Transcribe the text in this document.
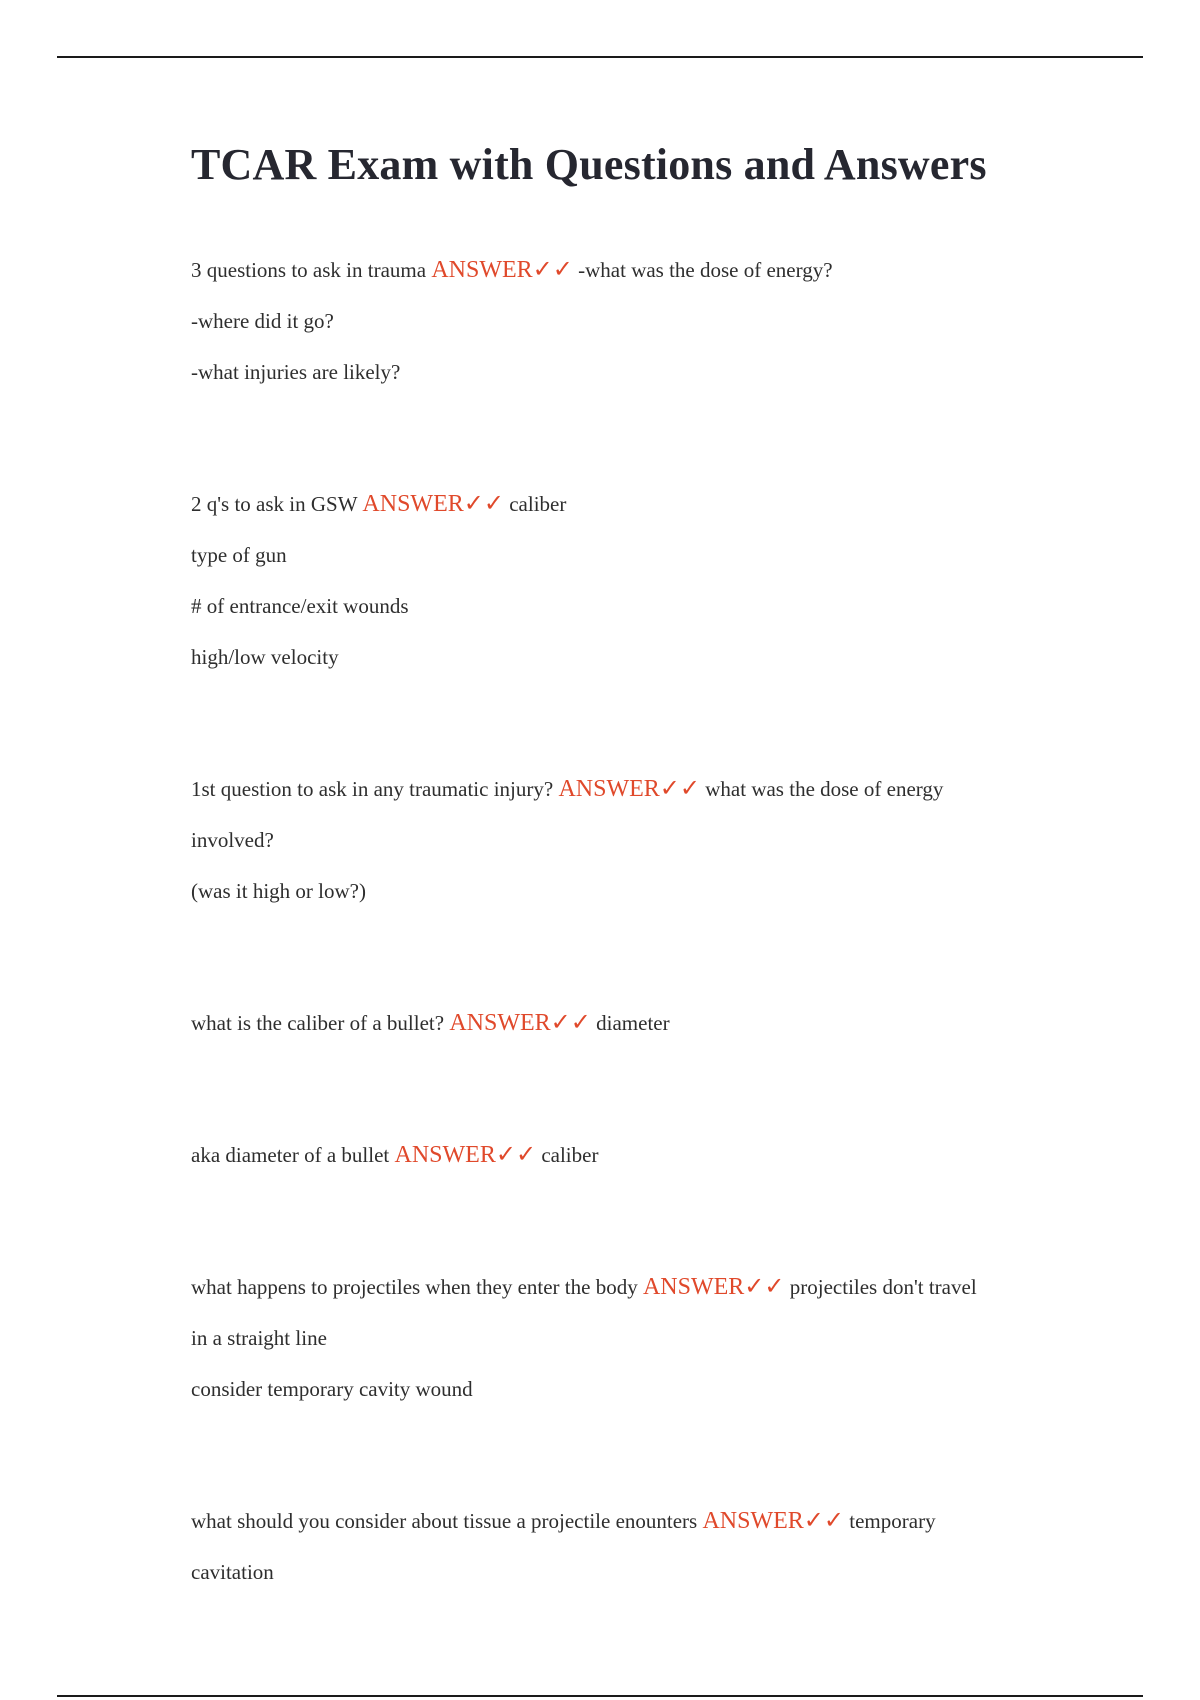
TCAR Exam with Questions and Answers

3 questions to ask in trauma ANSWER✓✓ -what was the dose of energy?

-where did it go?

-what injuries are likely?

2 q's to ask in GSW ANSWER✓✓ caliber

type of gun

# of entrance/exit wounds

high/low velocity

1st question to ask in any traumatic injury? ANSWER✓✓ what was the dose of energy

involved?

(was it high or low?)

what is the caliber of a bullet? ANSWER✓✓ diameter

aka diameter of a bullet ANSWER✓✓ caliber

what happens to projectiles when they enter the body ANSWER✓✓ projectiles don't travel

in a straight line

consider temporary cavity wound

what should you consider about tissue a projectile enounters ANSWER✓✓ temporary

cavitation
